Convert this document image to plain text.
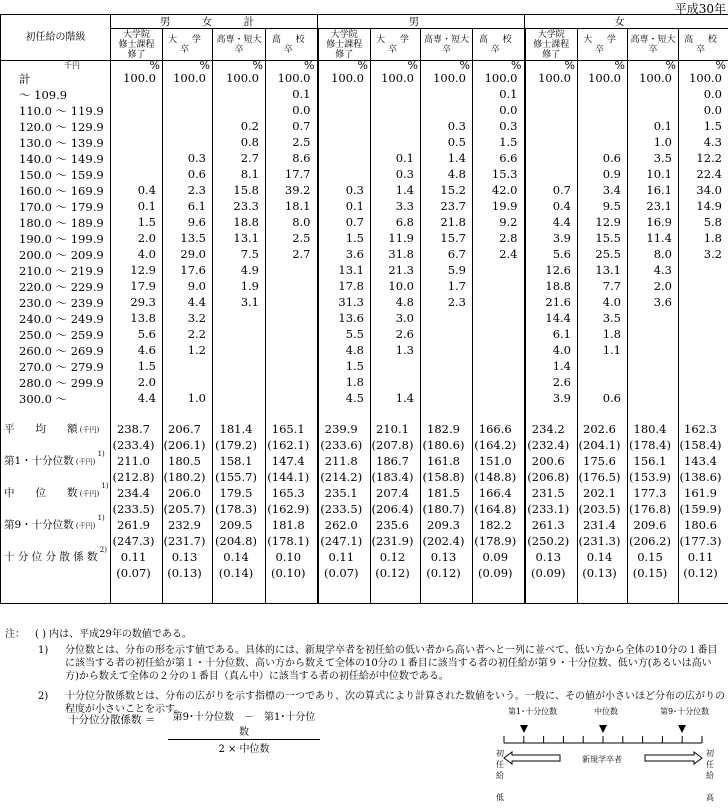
平成30年
初任給の階級	男 女 計				男				女			
	大学院
修士課程
修了	大 学 卒	高専・短大卒	高 校 卒	大学院
修士課程
修了	大 学 卒	高専・短大卒	高 校 卒	大学院
修士課程
修了	大 学 卒	高専・短大卒	高 校 卒
千円	%	%	%	%	%	%	%	%	%	%	%	%
計	100.0	100.0	100.0	100.0	100.0	100.0	100.0	100.0	100.0	100.0	100.0	100.0
～ 109.9				0.1				0.1				0.0
110.0 ～ 119.9				0.0				0.0				0.0
120.0 ～ 129.9			0.2	0.7			0.3	0.3			0.1	1.5
130.0 ～ 139.9			0.8	2.5			0.5	1.5			1.0	4.3
140.0 ～ 149.9		0.3	2.7	8.6		0.1	1.4	6.6		0.6	3.5	12.2
150.0 ～ 159.9		0.6	8.1	17.7		0.3	4.8	15.3		0.9	10.1	22.4
160.0 ～ 169.9	0.4	2.3	15.8	39.2	0.3	1.4	15.2	42.0	0.7	3.4	16.1	34.0
170.0 ～ 179.9	0.1	6.1	23.3	18.1	0.1	3.3	23.7	19.9	0.4	9.5	23.1	14.9
180.0 ～ 189.9	1.5	9.6	18.8	8.0	0.7	6.8	21.8	9.2	4.4	12.9	16.9	5.8
190.0 ～ 199.9	2.0	13.5	13.1	2.5	1.5	11.9	15.7	2.8	3.9	15.5	11.4	1.8
200.0 ～ 209.9	4.0	29.0	7.5	2.7	3.6	31.8	6.7	2.4	5.6	25.5	8.0	3.2
210.0 ～ 219.9	12.9	17.6	4.9		13.1	21.3	5.9		12.6	13.1	4.3	
220.0 ～ 229.9	17.9	9.0	1.9		17.8	10.0	1.7		18.8	7.7	2.0	
230.0 ～ 239.9	29.3	4.4	3.1		31.3	4.8	2.3		21.6	4.0	3.6	
240.0 ～ 249.9	13.8	3.2			13.6	3.0			14.4	3.5		
250.0 ～ 259.9	5.6	2.2			5.5	2.6			6.1	1.8		
260.0 ～ 269.9	4.6	1.2			4.8	1.3			4.0	1.1		
270.0 ～ 279.9	1.5				1.5				1.4			
280.0 ～ 299.9	2.0				1.8				2.6			
300.0 ～	4.4	1.0			4.5	1.4			3.9	0.6		

平　　均　　額 (千円)	238.7	206.7	181.4	165.1	239.9	210.1	182.9	166.6	234.2	202.6	180.4	162.3
	(233.4)	(206.1)	(179.2)	(162.1)	(233.6)	(207.8)	(180.6)	(164.2)	(232.4)	(204.1)	(178.4)	(158.4)
第1・十分位数 (千円) $^{1)}$	211.0	180.5	158.1	147.4	211.8	186.7	161.8	151.0	200.6	175.6	156.1	143.4
	(212.8)	(180.2)	(155.7)	(144.1)	(214.2)	(183.4)	(158.8)	(148.8)	(206.8)	(176.5)	(153.9)	(138.6)
中　　位　　数 (千円) $^{1)}$	234.4	206.0	179.5	165.3	235.1	207.4	181.5	166.4	231.5	202.1	177.3	161.9
	(233.5)	(205.7)	(178.3)	(162.9)	(233.5)	(206.4)	(180.7)	(164.8)	(233.1)	(203.5)	(176.8)	(159.9)
第9・十分位数 (千円) $^{1)}$	261.9	232.9	209.5	181.8	262.0	235.6	209.3	182.2	261.3	231.4	209.6	180.6
	(247.3)	(231.7)	(204.8)	(178.1)	(247.1)	(231.9)	(202.4)	(178.9)	(250.2)	(231.3)	(206.2)	(177.3)
十 分 位 分 散 係 数 $^{2)}$	0.11	0.13	0.14	0.10	0.11	0.12	0.13	0.09	0.13	0.14	0.15	0.11
	(0.07)	(0.13)	(0.14)	(0.10)	(0.07)	(0.12)	(0.12)	(0.09)	(0.09)	(0.13)	(0.15)	(0.12)

注： ( ) 内は、平成29年の数値である。
1) 分位数とは、分布の形を示す値である。具体的には、新規学卒者を初任給の低い者から高い者へと一列に並べて、低い方から全体の10分の１番目に該当する者の初任給が第１・十分位数、高い方から数えて全体の10分の１番目に該当する者の初任給が第９・十分位数、低い方(あるいは高い方)から数えて全体の２分の１番目（真ん中）に該当する者の初任給が中位数である。
2) 十分位分散係数とは、分布の広がりを示す指標の一つであり、次の算式により計算された数値をいう。一般に、その値が小さいほど分布の広がりの程度が小さいことを示す。
十分位分散係数 ＝	第9･十分位数　－　第1･十分位数
2 × 中位数
第1･十分位数	中位数	第9･十分位数
新規学卒者
初
任
給

低
初
任
給

高
